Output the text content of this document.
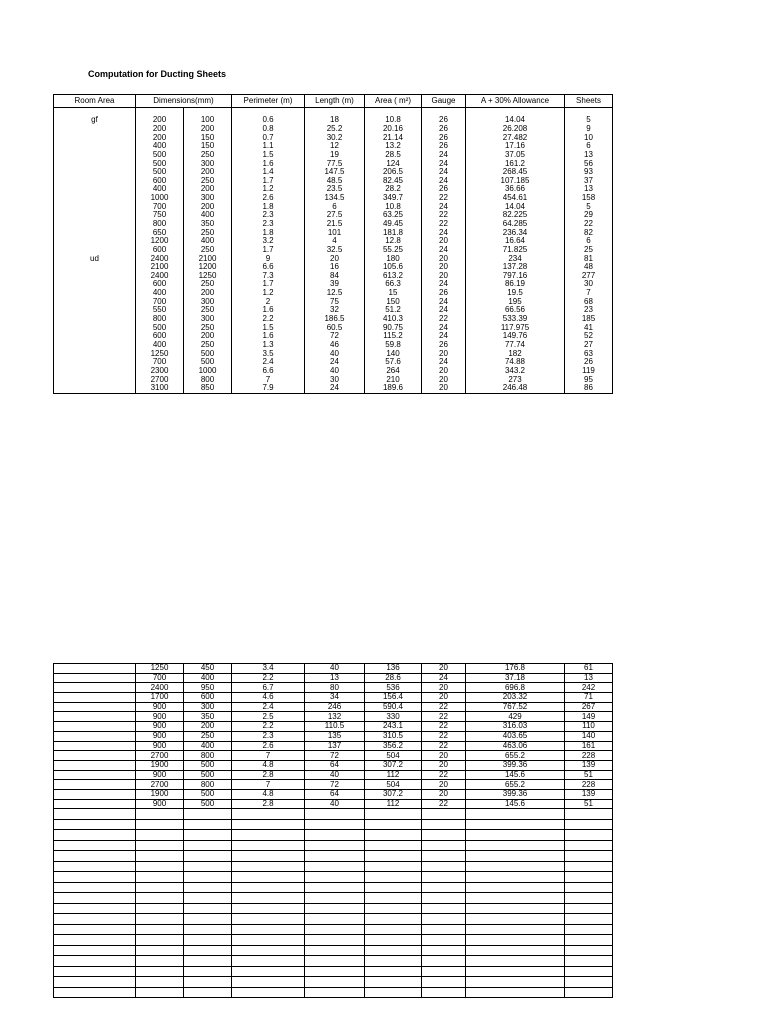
Computation for Ducting Sheets
Room Area	Dimensions(mm)		Perimeter (m)	Length (m)	Area ( m²)	Gauge	A + 30% Allowance	Sheets

gf	200	100	0.6	18	10.8	26	14.04	5
	200	200	0.8	25.2	20.16	26	26.208	9
	200	150	0.7	30.2	21.14	26	27.482	10
	400	150	1.1	12	13.2	26	17.16	6
	500	250	1.5	19	28.5	24	37.05	13
	500	300	1.6	77.5	124	24	161.2	56
	500	200	1.4	147.5	206.5	24	268.45	93
	600	250	1.7	48.5	82.45	24	107.185	37
	400	200	1.2	23.5	28.2	26	36.66	13
	1000	300	2.6	134.5	349.7	22	454.61	158
	700	200	1.8	6	10.8	24	14.04	5
	750	400	2.3	27.5	63.25	22	82.225	29
	800	350	2.3	21.5	49.45	22	64.285	22
	650	250	1.8	101	181.8	24	236.34	82
	1200	400	3.2	4	12.8	20	16.64	6
	600	250	1.7	32.5	55.25	24	71.825	25
ud	2400	2100	9	20	180	20	234	81
	2100	1200	6.6	16	105.6	20	137.28	48
	2400	1250	7.3	84	613.2	20	797.16	277
	600	250	1.7	39	66.3	24	86.19	30
	400	200	1.2	12.5	15	26	19.5	7
	700	300	2	75	150	24	195	68
	550	250	1.6	32	51.2	24	66.56	23
	800	300	2.2	186.5	410.3	22	533.39	185
	500	250	1.5	60.5	90.75	24	117.975	41
	600	200	1.6	72	115.2	24	149.76	52
	400	250	1.3	46	59.8	26	77.74	27
	1250	500	3.5	40	140	20	182	63
	700	500	2.4	24	57.6	24	74.88	26
	2300	1000	6.6	40	264	20	343.2	119
	2700	800	7	30	210	20	273	95
	3100	850	7.9	24	189.6	20	246.48	86
	1250	450	3.4	40	136	20	176.8	61
	700	400	2.2	13	28.6	24	37.18	13
	2400	950	6.7	80	536	20	696.8	242
	1700	600	4.6	34	156.4	20	203.32	71
	900	300	2.4	246	590.4	22	767.52	267
	900	350	2.5	132	330	22	429	149
	900	200	2.2	110.5	243.1	22	316.03	110
	900	250	2.3	135	310.5	22	403.65	140
	900	400	2.6	137	356.2	22	463.06	161
	2700	800	7	72	504	20	655.2	228
	1900	500	4.8	64	307.2	20	399.36	139
	900	500	2.8	40	112	22	145.6	51
	2700	800	7	72	504	20	655.2	228
	1900	500	4.8	64	307.2	20	399.36	139
	900	500	2.8	40	112	22	145.6	51
